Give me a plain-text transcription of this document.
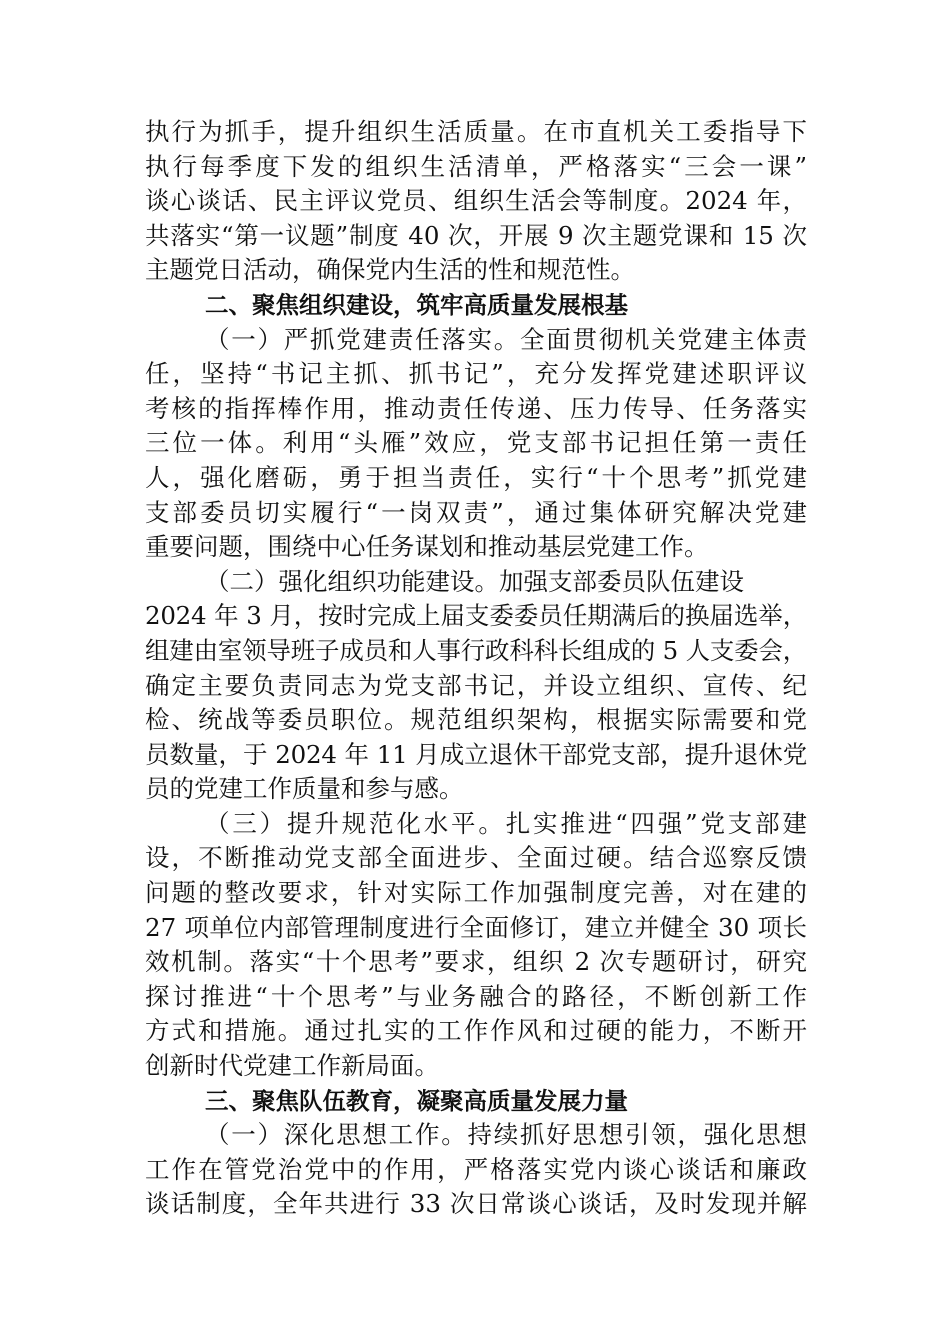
执行为抓手，提升组织生活质量。在市直机关工委指导下
执行每季度下发的组织生活清单，严格落实“三会一课”
谈心谈话、民主评议党员、组织生活会等制度。2024 年，
共落实“第一议题”制度 40 次，开展 9 次主题党课和 15 次
主题党日活动，确保党内生活的性和规范性。
二、聚焦组织建设，筑牢高质量发展根基
（一）严抓党建责任落实。全面贯彻机关党建主体责
任，坚持“书记主抓、抓书记”，充分发挥党建述职评议
考核的指挥棒作用，推动责任传递、压力传导、任务落实
三位一体。利用“头雁”效应，党支部书记担任第一责任
人，强化磨砺，勇于担当责任，实行“十个思考”抓党建
支部委员切实履行“一岗双责”，通过集体研究解决党建
重要问题，围绕中心任务谋划和推动基层党建工作。
（二）强化组织功能建设。加强支部委员队伍建设
2024 年 3 月，按时完成上届支委委员任期满后的换届选举，
组建由室领导班子成员和人事行政科科长组成的 5 人支委会，
确定主要负责同志为党支部书记，并设立组织、宣传、纪
检、统战等委员职位。规范组织架构，根据实际需要和党
员数量，于 2024 年 11 月成立退休干部党支部，提升退休党
员的党建工作质量和参与感。
（三）提升规范化水平。扎实推进“四强”党支部建
设，不断推动党支部全面进步、全面过硬。结合巡察反馈
问题的整改要求，针对实际工作加强制度完善，对在建的
27 项单位内部管理制度进行全面修订，建立并健全 30 项长
效机制。落实“十个思考”要求，组织 2 次专题研讨，研究
探讨推进“十个思考”与业务融合的路径，不断创新工作
方式和措施。通过扎实的工作作风和过硬的能力，不断开
创新时代党建工作新局面。
三、聚焦队伍教育，凝聚高质量发展力量
（一）深化思想工作。持续抓好思想引领，强化思想
工作在管党治党中的作用，严格落实党内谈心谈话和廉政
谈话制度，全年共进行 33 次日常谈心谈话，及时发现并解
